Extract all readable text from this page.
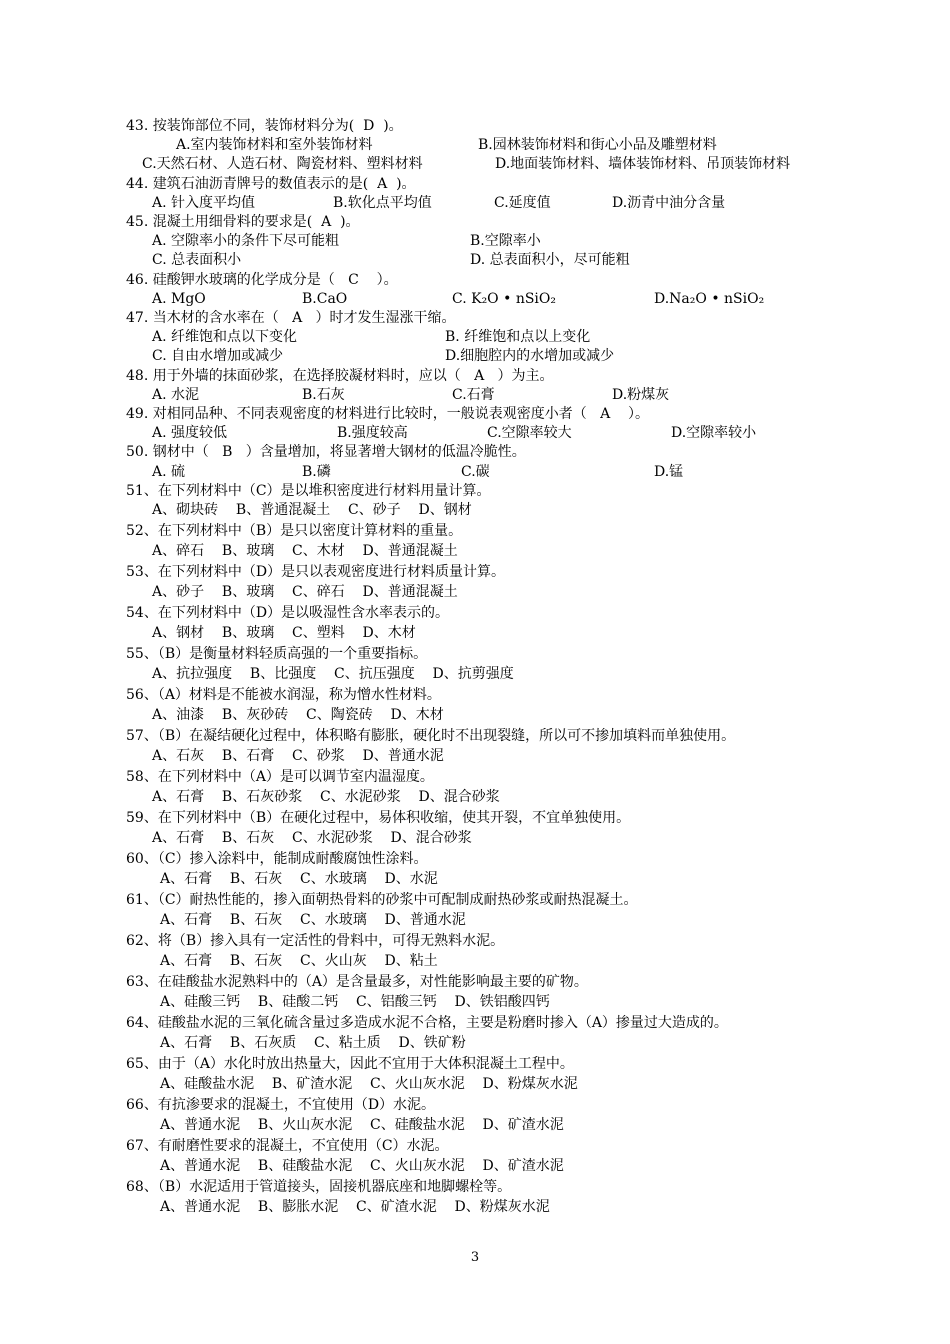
43. 按装饰部位不同，装饰材料分为(  D  )。
A.室内装饰材料和室外装饰材料	B.园林装饰材料和街心小品及雕塑材料
C.天然石材、人造石材、陶瓷材料、塑料材料	D.地面装饰材料、墙体装饰材料、吊顶装饰材料
44. 建筑石油沥青牌号的数值表示的是(  A  )。
A. 针入度平均值	B.软化点平均值	C.延度值	D.沥青中油分含量
45. 混凝土用细骨料的要求是(  A  )。
A. 空隙率小的条件下尽可能粗	B.空隙率小
C. 总表面积小	D. 总表面积小，尽可能粗
46. 硅酸钾水玻璃的化学成分是（   C    ）。
A. MgO	B.CaO	C. K₂O • nSiO₂	D.Na₂O • nSiO₂
47. 当木材的含水率在（   A   ）时才发生湿涨干缩。
A. 纤维饱和点以下变化	B. 纤维饱和点以上变化
C. 自由水增加或减少	D.细胞腔内的水增加或减少
48. 用于外墙的抹面砂浆，在选择胶凝材料时，应以（   A   ）为主。
A. 水泥	B.石灰	C.石膏	D.粉煤灰
49. 对相同品种、不同表观密度的材料进行比较时，一般说表观密度小者（   A    ）。
A. 强度较低	B.强度较高	C.空隙率较大	D.空隙率较小
50. 钢材中（   B   ）含量增加，将显著增大钢材的低温冷脆性。
A. 硫	B.磷	C.碳	D.锰
51、在下列材料中（C）是以堆积密度进行材料用量计算。
A、砌块砖    B、普通混凝土    C、砂子    D、钢材
52、在下列材料中（B）是只以密度计算材料的重量。
A、碎石    B、玻璃    C、木材    D、普通混凝土
53、在下列材料中（D）是只以表观密度进行材料质量计算。
A、砂子    B、玻璃    C、碎石    D、普通混凝土
54、在下列材料中（D）是以吸湿性含水率表示的。
A、钢材    B、玻璃    C、塑料    D、木材
55、（B）是衡量材料轻质高强的一个重要指标。
A、抗拉强度    B、比强度    C、抗压强度    D、抗剪强度
56、（A）材料是不能被水润湿，称为憎水性材料。
A、油漆    B、灰砂砖    C、陶瓷砖    D、木材
57、（B）在凝结硬化过程中，体积略有膨胀，硬化时不出现裂缝，所以可不掺加填料而单独使用。
A、石灰    B、石膏    C、砂浆    D、普通水泥
58、在下列材料中（A）是可以调节室内温湿度。
A、石膏    B、石灰砂浆    C、水泥砂浆    D、混合砂浆
59、在下列材料中（B）在硬化过程中，易体积收缩，使其开裂，不宜单独使用。
A、石膏    B、石灰    C、水泥砂浆    D、混合砂浆
60、（C）掺入涂料中，能制成耐酸腐蚀性涂料。
A、石膏    B、石灰    C、水玻璃    D、水泥
61、（C）耐热性能的，掺入面朝热骨料的砂浆中可配制成耐热砂浆或耐热混凝土。
A、石膏    B、石灰    C、水玻璃    D、普通水泥
62、将（B）掺入具有一定活性的骨料中，可得无熟料水泥。
A、石膏    B、石灰    C、火山灰    D、粘土
63、在硅酸盐水泥熟料中的（A）是含量最多，对性能影响最主要的矿物。
A、硅酸三钙    B、硅酸二钙    C、铝酸三钙    D、铁铝酸四钙
64、硅酸盐水泥的三氧化硫含量过多造成水泥不合格，主要是粉磨时掺入（A）掺量过大造成的。
A、石膏    B、石灰质    C、粘土质    D、铁矿粉
65、由于（A）水化时放出热量大，因此不宜用于大体积混凝土工程中。
A、硅酸盐水泥    B、矿渣水泥    C、火山灰水泥    D、粉煤灰水泥
66、有抗渗要求的混凝土，不宜使用（D）水泥。
A、普通水泥    B、火山灰水泥    C、硅酸盐水泥    D、矿渣水泥
67、有耐磨性要求的混凝土，不宜使用（C）水泥。
A、普通水泥    B、硅酸盐水泥    C、火山灰水泥    D、矿渣水泥
68、（B）水泥适用于管道接头，固接机器底座和地脚螺栓等。
A、普通水泥    B、膨胀水泥    C、矿渣水泥    D、粉煤灰水泥
3
